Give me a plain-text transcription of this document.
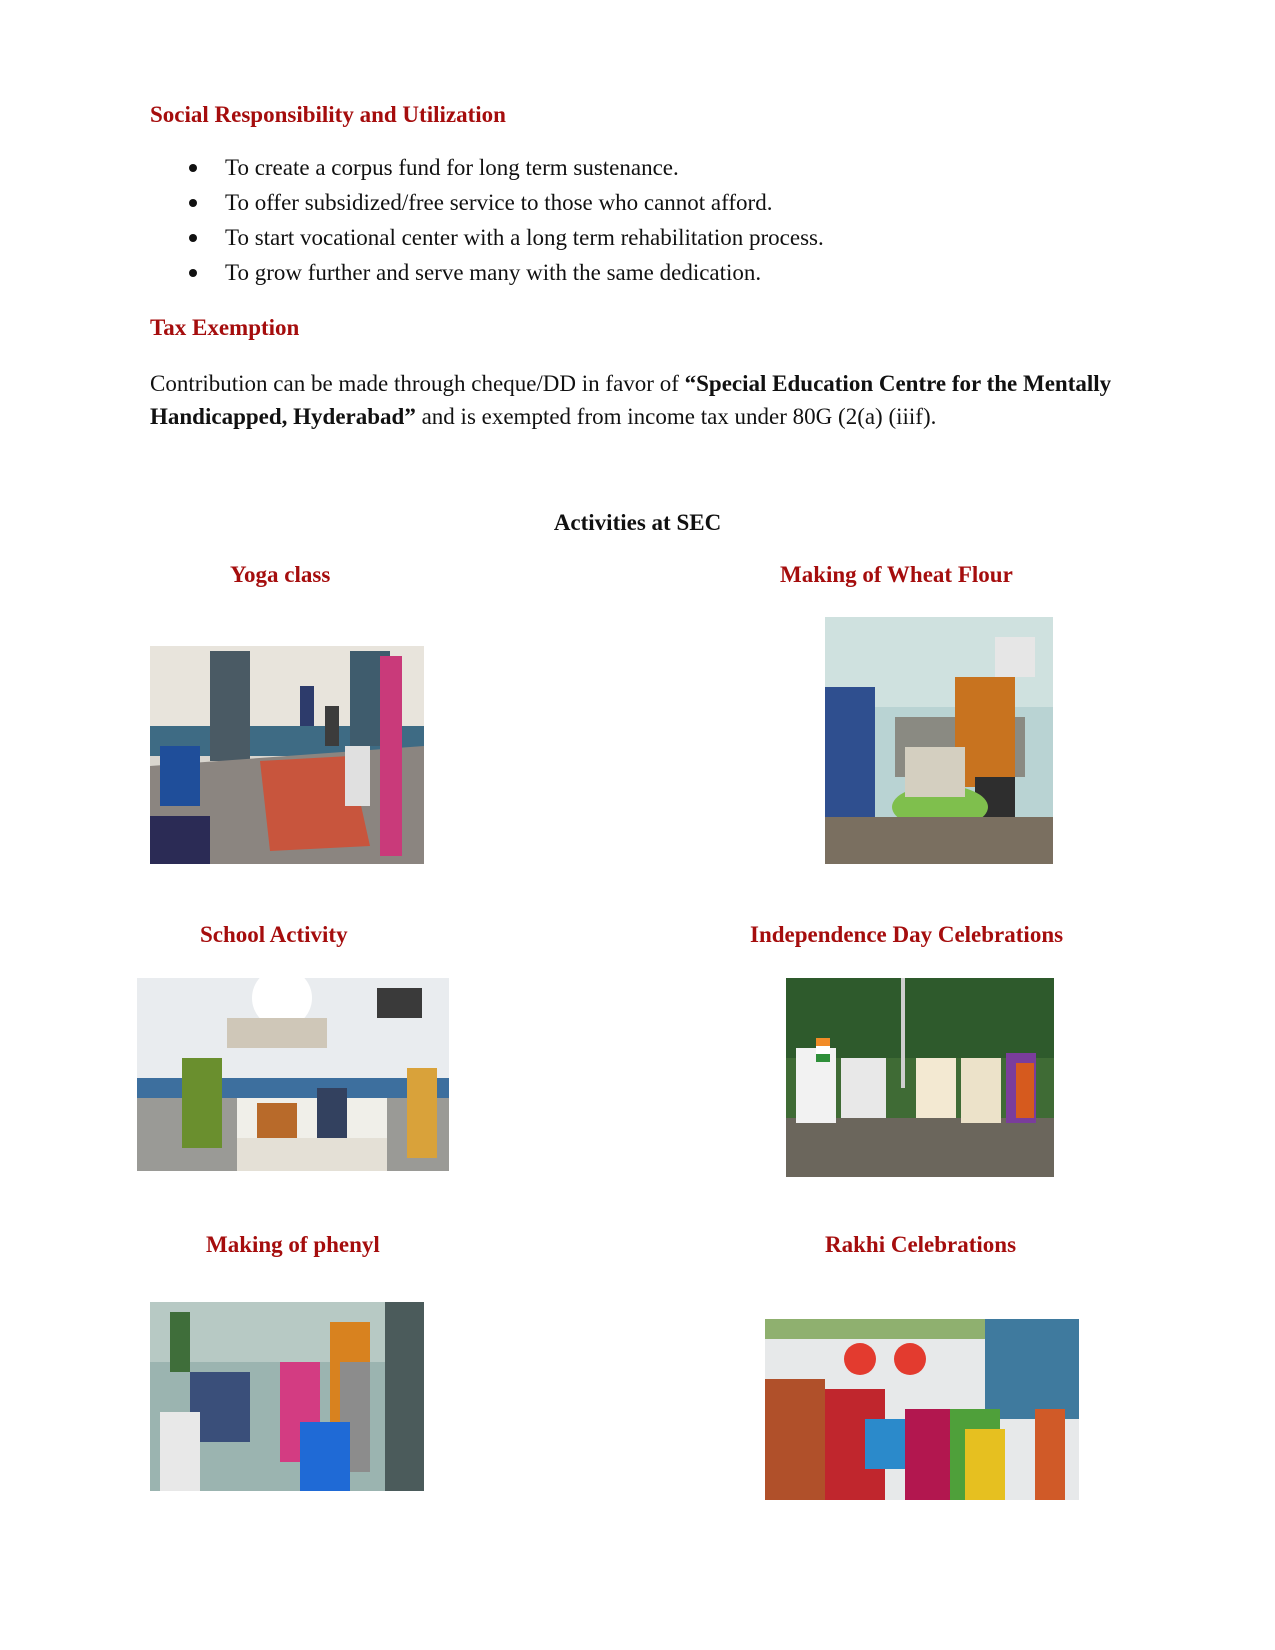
Social Responsibility and Utilization
To create a corpus fund for long term sustenance.
To offer subsidized/free service to those who cannot afford.
To start vocational center with a long term rehabilitation process.
To grow further and serve many with the same dedication.
Tax Exemption

Contribution can be made through cheque/DD in favor of “Special Education Centre for the Mentally Handicapped, Hyderabad” and is exempted from income tax under 80G (2(a) (iiif).

Activities at SEC
Yoga class	Making of Wheat Flour
School Activity	Independence Day Celebrations
Making of phenyl	Rakhi Celebrations
